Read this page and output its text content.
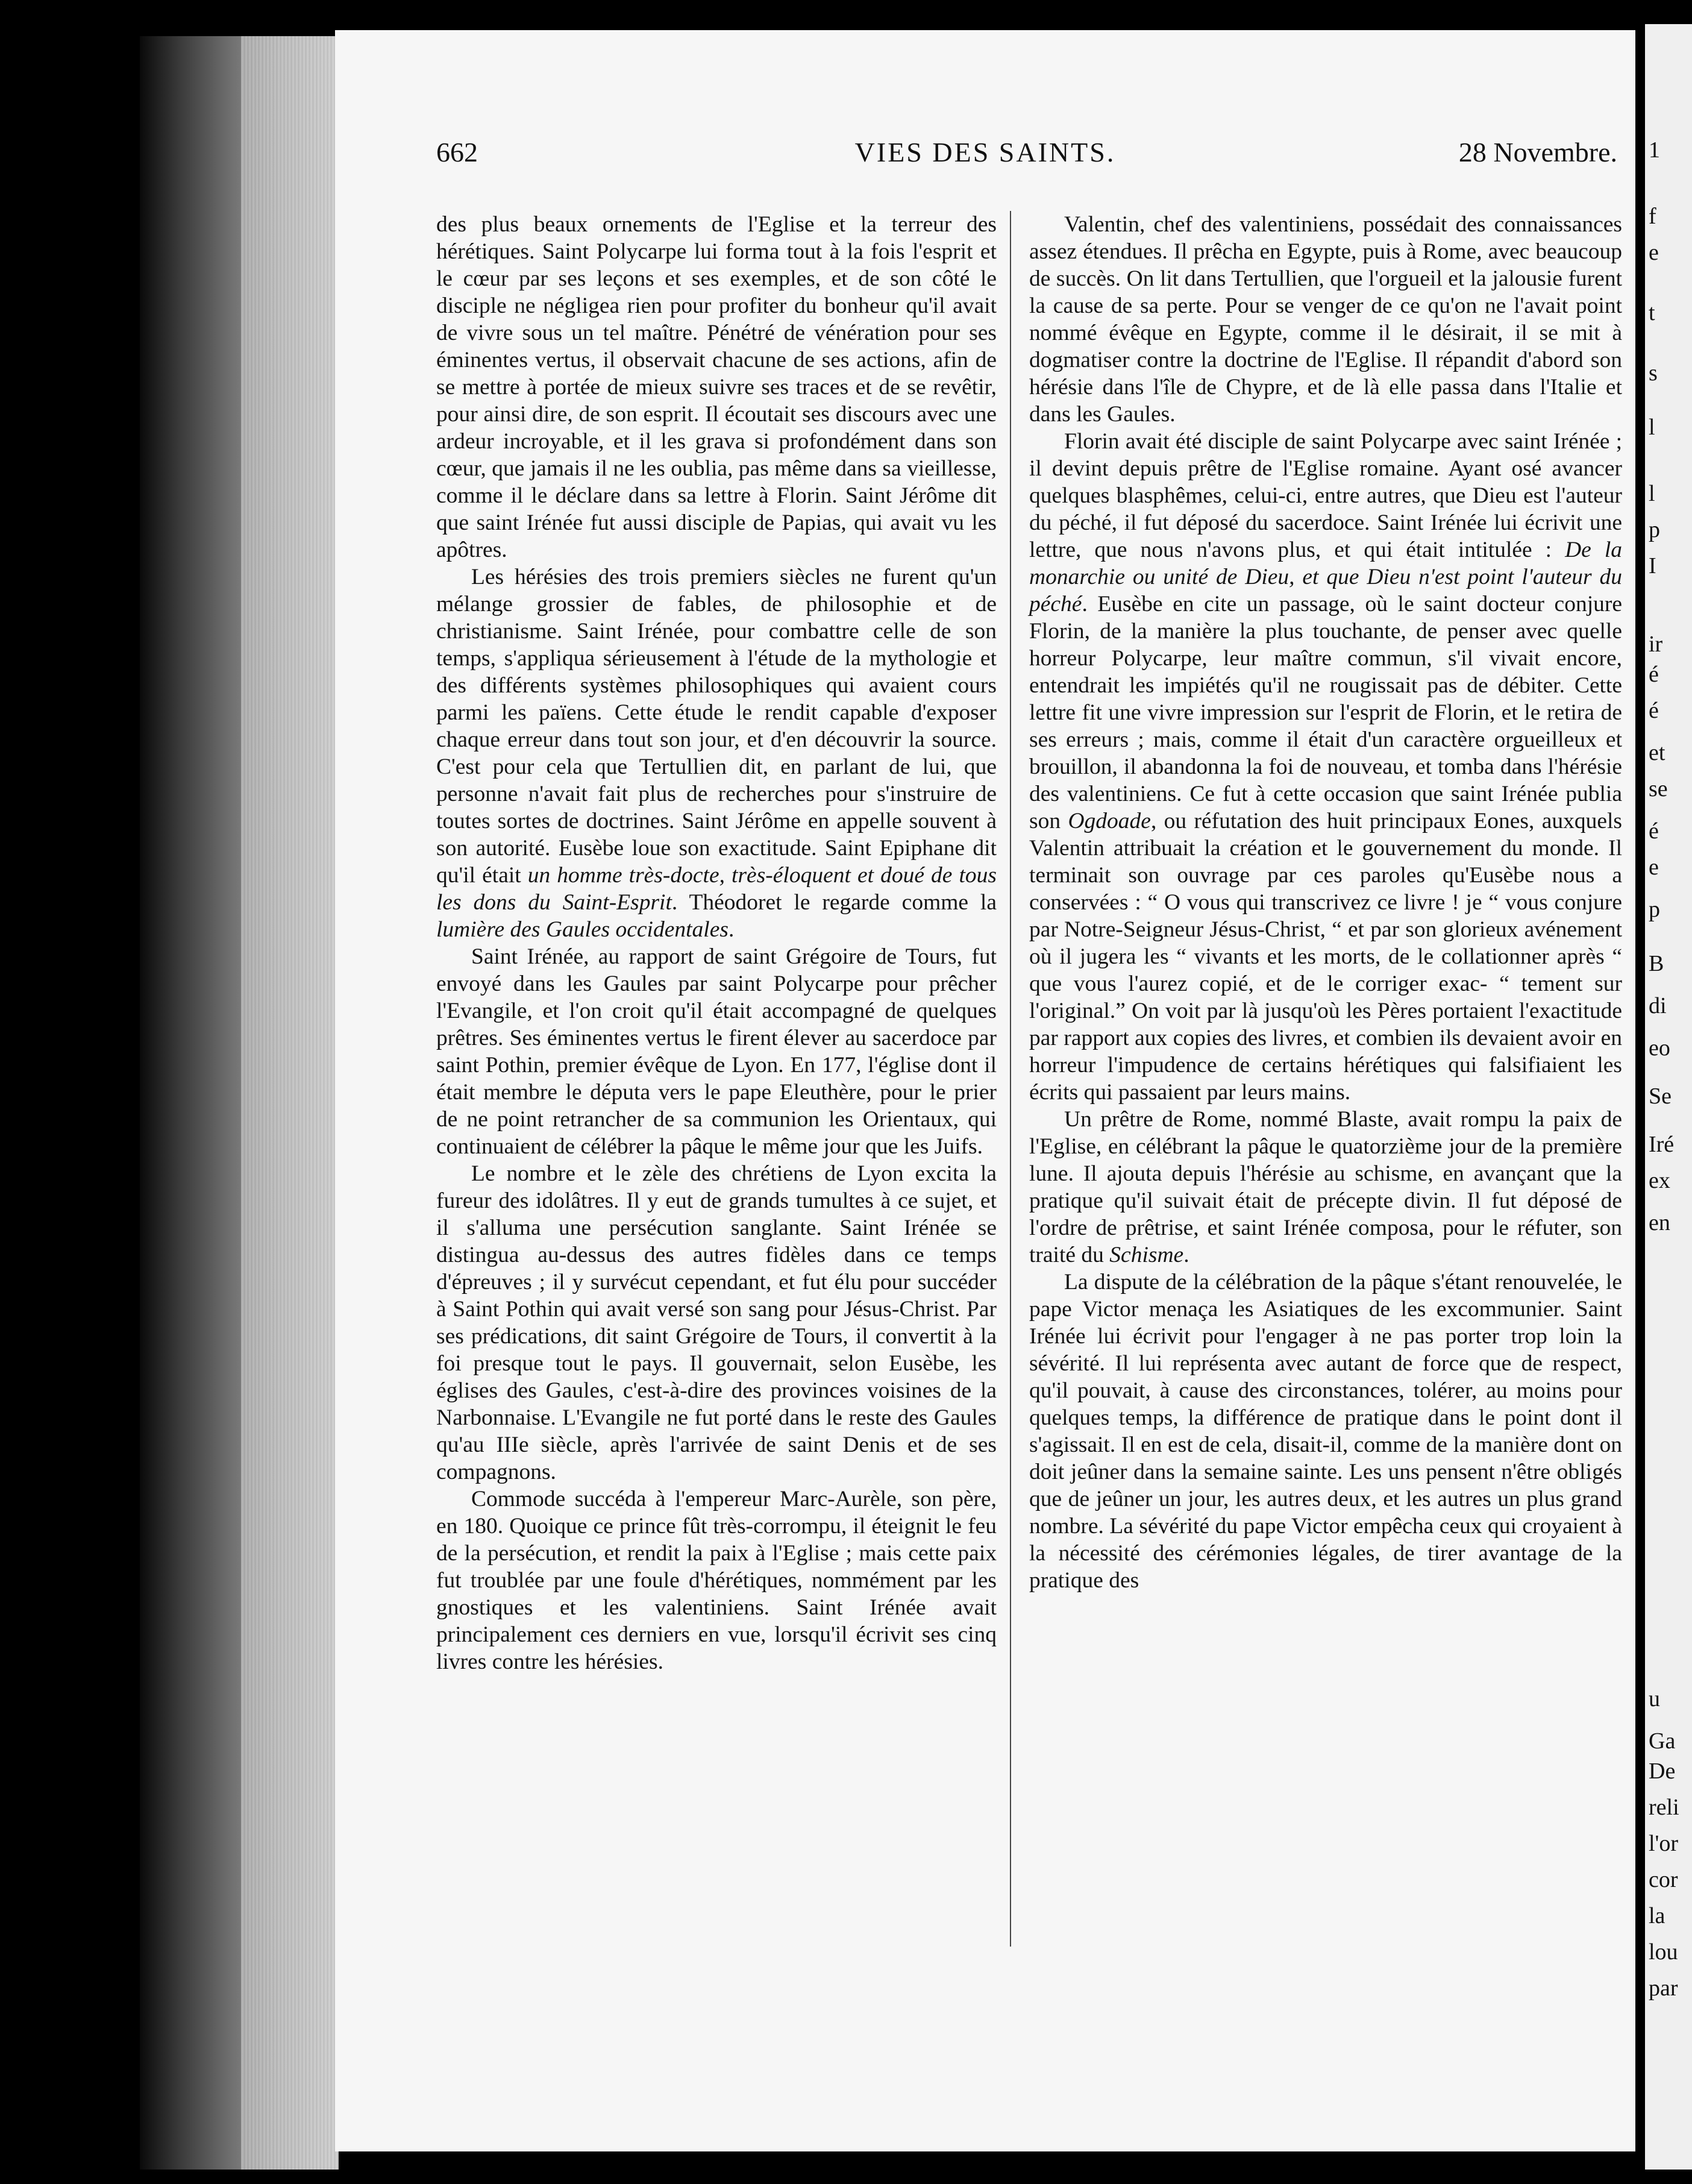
662	VIES DES SAINTS.	28 Novembre.

des plus beaux ornements de l'Eglise et la terreur des hérétiques. Saint Polycarpe lui forma tout à la fois l'esprit et le cœur par ses leçons et ses exemples, et de son côté le disciple ne négligea rien pour profiter du bonheur qu'il avait de vivre sous un tel maître. Pénétré de vénération pour ses éminentes vertus, il observait chacune de ses actions, afin de se mettre à portée de mieux suivre ses traces et de se revêtir, pour ainsi dire, de son esprit. Il écoutait ses discours avec une ardeur incroyable, et il les grava si profondément dans son cœur, que jamais il ne les oublia, pas même dans sa vieillesse, comme il le déclare dans sa lettre à Florin. Saint Jérôme dit que saint Irénée fut aussi disciple de Papias, qui avait vu les apôtres.

Les hérésies des trois premiers siècles ne furent qu'un mélange grossier de fables, de philosophie et de christianisme. Saint Irénée, pour combattre celle de son temps, s'appliqua sérieusement à l'étude de la mythologie et des différents systèmes philosophiques qui avaient cours parmi les païens. Cette étude le rendit capable d'exposer chaque erreur dans tout son jour, et d'en découvrir la source. C'est pour cela que Tertullien dit, en parlant de lui, que personne n'avait fait plus de recherches pour s'instruire de toutes sortes de doctrines. Saint Jérôme en appelle souvent à son autorité. Eusèbe loue son exactitude. Saint Epiphane dit qu'il était un homme très-docte, très-éloquent et doué de tous les dons du Saint-Esprit. Théodoret le regarde comme la lumière des Gaules occidentales.

Saint Irénée, au rapport de saint Grégoire de Tours, fut envoyé dans les Gaules par saint Polycarpe pour prêcher l'Evangile, et l'on croit qu'il était accompagné de quelques prêtres. Ses éminentes vertus le firent élever au sacerdoce par saint Pothin, premier évêque de Lyon. En 177, l'église dont il était membre le députa vers le pape Eleuthère, pour le prier de ne point retrancher de sa communion les Orientaux, qui continuaient de célébrer la pâque le même jour que les Juifs.

Le nombre et le zèle des chrétiens de Lyon excita la fureur des idolâtres. Il y eut de grands tumultes à ce sujet, et il s'alluma une persécution sanglante. Saint Irénée se distingua au-dessus des autres fidèles dans ce temps d'épreuves ; il y survécut cependant, et fut élu pour succéder à Saint Pothin qui avait versé son sang pour Jésus-Christ. Par ses prédications, dit saint Grégoire de Tours, il convertit à la foi presque tout le pays. Il gouvernait, selon Eusèbe, les églises des Gaules, c'est-à-dire des provinces voisines de la Narbonnaise. L'Evangile ne fut porté dans le reste des Gaules qu'au IIIe siècle, après l'arrivée de saint Denis et de ses compagnons.

Commode succéda à l'empereur Marc-Aurèle, son père, en 180. Quoique ce prince fût très-corrompu, il éteignit le feu de la persécution, et rendit la paix à l'Eglise ; mais cette paix fut troublée par une foule d'hérétiques, nommément par les gnostiques et les valentiniens. Saint Irénée avait principalement ces derniers en vue, lorsqu'il écrivit ses cinq livres contre les hérésies.

Valentin, chef des valentiniens, possédait des connaissances assez étendues. Il prêcha en Egypte, puis à Rome, avec beaucoup de succès. On lit dans Tertullien, que l'orgueil et la jalousie furent la cause de sa perte. Pour se venger de ce qu'on ne l'avait point nommé évêque en Egypte, comme il le désirait, il se mit à dogmatiser contre la doctrine de l'Eglise. Il répandit d'abord son hérésie dans l'île de Chypre, et de là elle passa dans l'Italie et dans les Gaules.

Florin avait été disciple de saint Polycarpe avec saint Irénée ; il devint depuis prêtre de l'Eglise romaine. Ayant osé avancer quelques blasphêmes, celui-ci, entre autres, que Dieu est l'auteur du péché, il fut déposé du sacerdoce. Saint Irénée lui écrivit une lettre, que nous n'avons plus, et qui était intitulée : De la monarchie ou unité de Dieu, et que Dieu n'est point l'auteur du péché. Eusèbe en cite un passage, où le saint docteur conjure Florin, de la manière la plus touchante, de penser avec quelle horreur Polycarpe, leur maître commun, s'il vivait encore, entendrait les impiétés qu'il ne rougissait pas de débiter. Cette lettre fit une vivre impression sur l'esprit de Florin, et le retira de ses erreurs ; mais, comme il était d'un caractère orgueilleux et brouillon, il abandonna la foi de nouveau, et tomba dans l'hérésie des valentiniens. Ce fut à cette occasion que saint Irénée publia son Ogdoade, ou réfutation des huit principaux Eones, auxquels Valentin attribuait la création et le gouvernement du monde. Il terminait son ouvrage par ces paroles qu'Eusèbe nous a conservées : “ O vous qui transcrivez ce livre ! je “ vous conjure par Notre-Seigneur Jésus-Christ, “ et par son glorieux avénement où il jugera les “ vivants et les morts, de le collationner après “ que vous l'aurez copié, et de le corriger exac- “ tement sur l'original.” On voit par là jusqu'où les Pères portaient l'exactitude par rapport aux copies des livres, et combien ils devaient avoir en horreur l'impudence de certains hérétiques qui falsifiaient les écrits qui passaient par leurs mains.

Un prêtre de Rome, nommé Blaste, avait rompu la paix de l'Eglise, en célébrant la pâque le quatorzième jour de la première lune. Il ajouta depuis l'hérésie au schisme, en avançant que la pratique qu'il suivait était de précepte divin. Il fut déposé de l'ordre de prêtrise, et saint Irénée composa, pour le réfuter, son traité du Schisme.

La dispute de la célébration de la pâque s'étant renouvelée, le pape Victor menaça les Asiatiques de les excommunier. Saint Irénée lui écrivit pour l'engager à ne pas porter trop loin la sévérité. Il lui représenta avec autant de force que de respect, qu'il pouvait, à cause des circonstances, tolérer, au moins pour quelques temps, la différence de pratique dans le point dont il s'agissait. Il en est de cela, disait-il, comme de la manière dont on doit jeûner dans la semaine sainte. Les uns pensent n'être obligés que de jeûner un jour, les autres deux, et les autres un plus grand nombre. La sévérité du pape Victor empêcha ceux qui croyaient à la nécessité des cérémonies légales, de tirer avantage de la pratique des

1
f
e
t
s
l
l
p
I
ir
é
é
et
se
é
e
p
B
di
eo
Se
Iré
ex
en
u
Ga
De
reli
l'or
cor
la
lou
par
